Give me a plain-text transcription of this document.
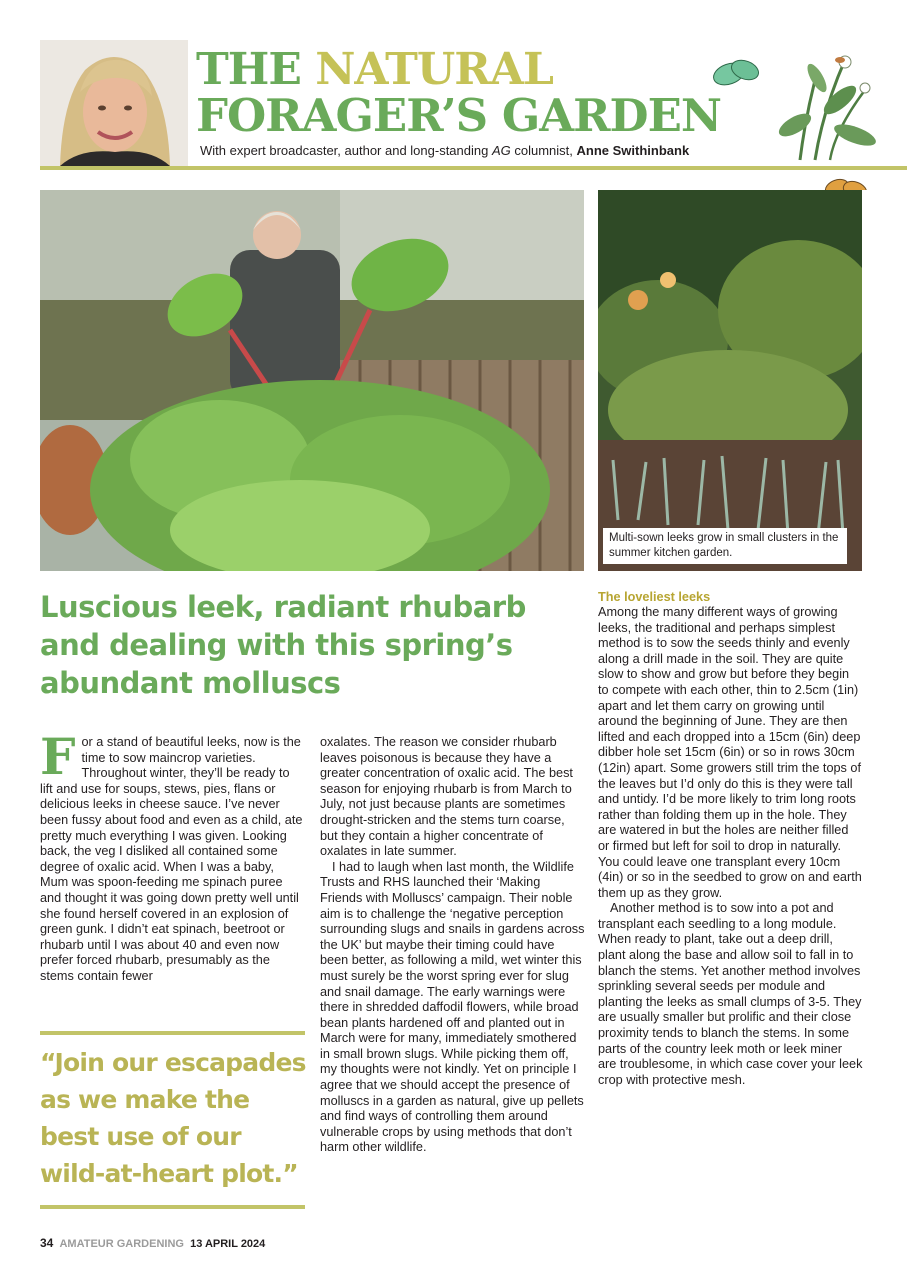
THE NATURAL
FORAGER’S GARDEN
With expert broadcaster, author and long-standing AG columnist, Anne Swithinbank
Multi-sown leeks grow in small clusters in the summer kitchen garden.
Luscious leek, radiant rhubarb and dealing with this spring’s abundant molluscs

For a stand of beautiful leeks, now is the time to sow maincrop varieties. Throughout winter, they’ll be ready to lift and use for soups, stews, pies, flans or delicious leeks in cheese sauce. I’ve never been fussy about food and even as a child, ate pretty much everything I was given. Looking back, the veg I disliked all contained some degree of oxalic acid. When I was a baby, Mum was spoon-feeding me spinach puree and thought it was going down pretty well until she found herself covered in an explosion of green gunk. I didn’t eat spinach, beetroot or rhubarb until I was about 40 and even now prefer forced rhubarb, presumably as the stems contain fewer

“Join our escapades as we make the best use of our wild-at-heart plot.”

oxalates. The reason we consider rhubarb leaves poisonous is because they have a greater concentration of oxalic acid. The best season for enjoying rhubarb is from March to July, not just because plants are sometimes drought-stricken and the stems turn coarse, but they contain a higher concentrate of oxalates in late summer.

I had to laugh when last month, the Wildlife Trusts and RHS launched their ‘Making Friends with Molluscs’ campaign. Their noble aim is to challenge the ‘negative perception surrounding slugs and snails in gardens across the UK’ but maybe their timing could have been better, as following a mild, wet winter this must surely be the worst spring ever for slug and snail damage. The early warnings were there in shredded daffodil flowers, while broad bean plants hardened off and planted out in March were for many, immediately smothered in small brown slugs. While picking them off, my thoughts were not kindly. Yet on principle I agree that we should accept the presence of molluscs in a garden as natural, give up pellets and find ways of controlling them around vulnerable crops by using methods that don’t harm other wildlife.

The loveliest leeks

Among the many different ways of growing leeks, the traditional and perhaps simplest method is to sow the seeds thinly and evenly along a drill made in the soil. They are quite slow to show and grow but before they begin to compete with each other, thin to 2.5cm (1in) apart and let them carry on growing until around the beginning of June. They are then lifted and each dropped into a 15cm (6in) deep dibber hole set 15cm (6in) or so in rows 30cm (12in) apart. Some growers still trim the tops of the leaves but I’d only do this is they were tall and untidy. I’d be more likely to trim long roots rather than folding them up in the hole. They are watered in but the holes are neither filled or firmed but left for soil to drop in naturally. You could leave one transplant every 10cm (4in) or so in the seedbed to grow on and earth them up as they grow.

Another method is to sow into a pot and transplant each seedling to a long module. When ready to plant, take out a deep drill, plant along the base and allow soil to fall in to blanch the stems. Yet another method involves sprinkling several seeds per module and planting the leeks as small clumps of 3-5. They are usually smaller but prolific and their close proximity tends to blanch the stems. In some parts of the country leek moth or leek miner are troublesome, in which case cover your leek crop with protective mesh.

34 AMATEUR GARDENING 13 APRIL 2024
